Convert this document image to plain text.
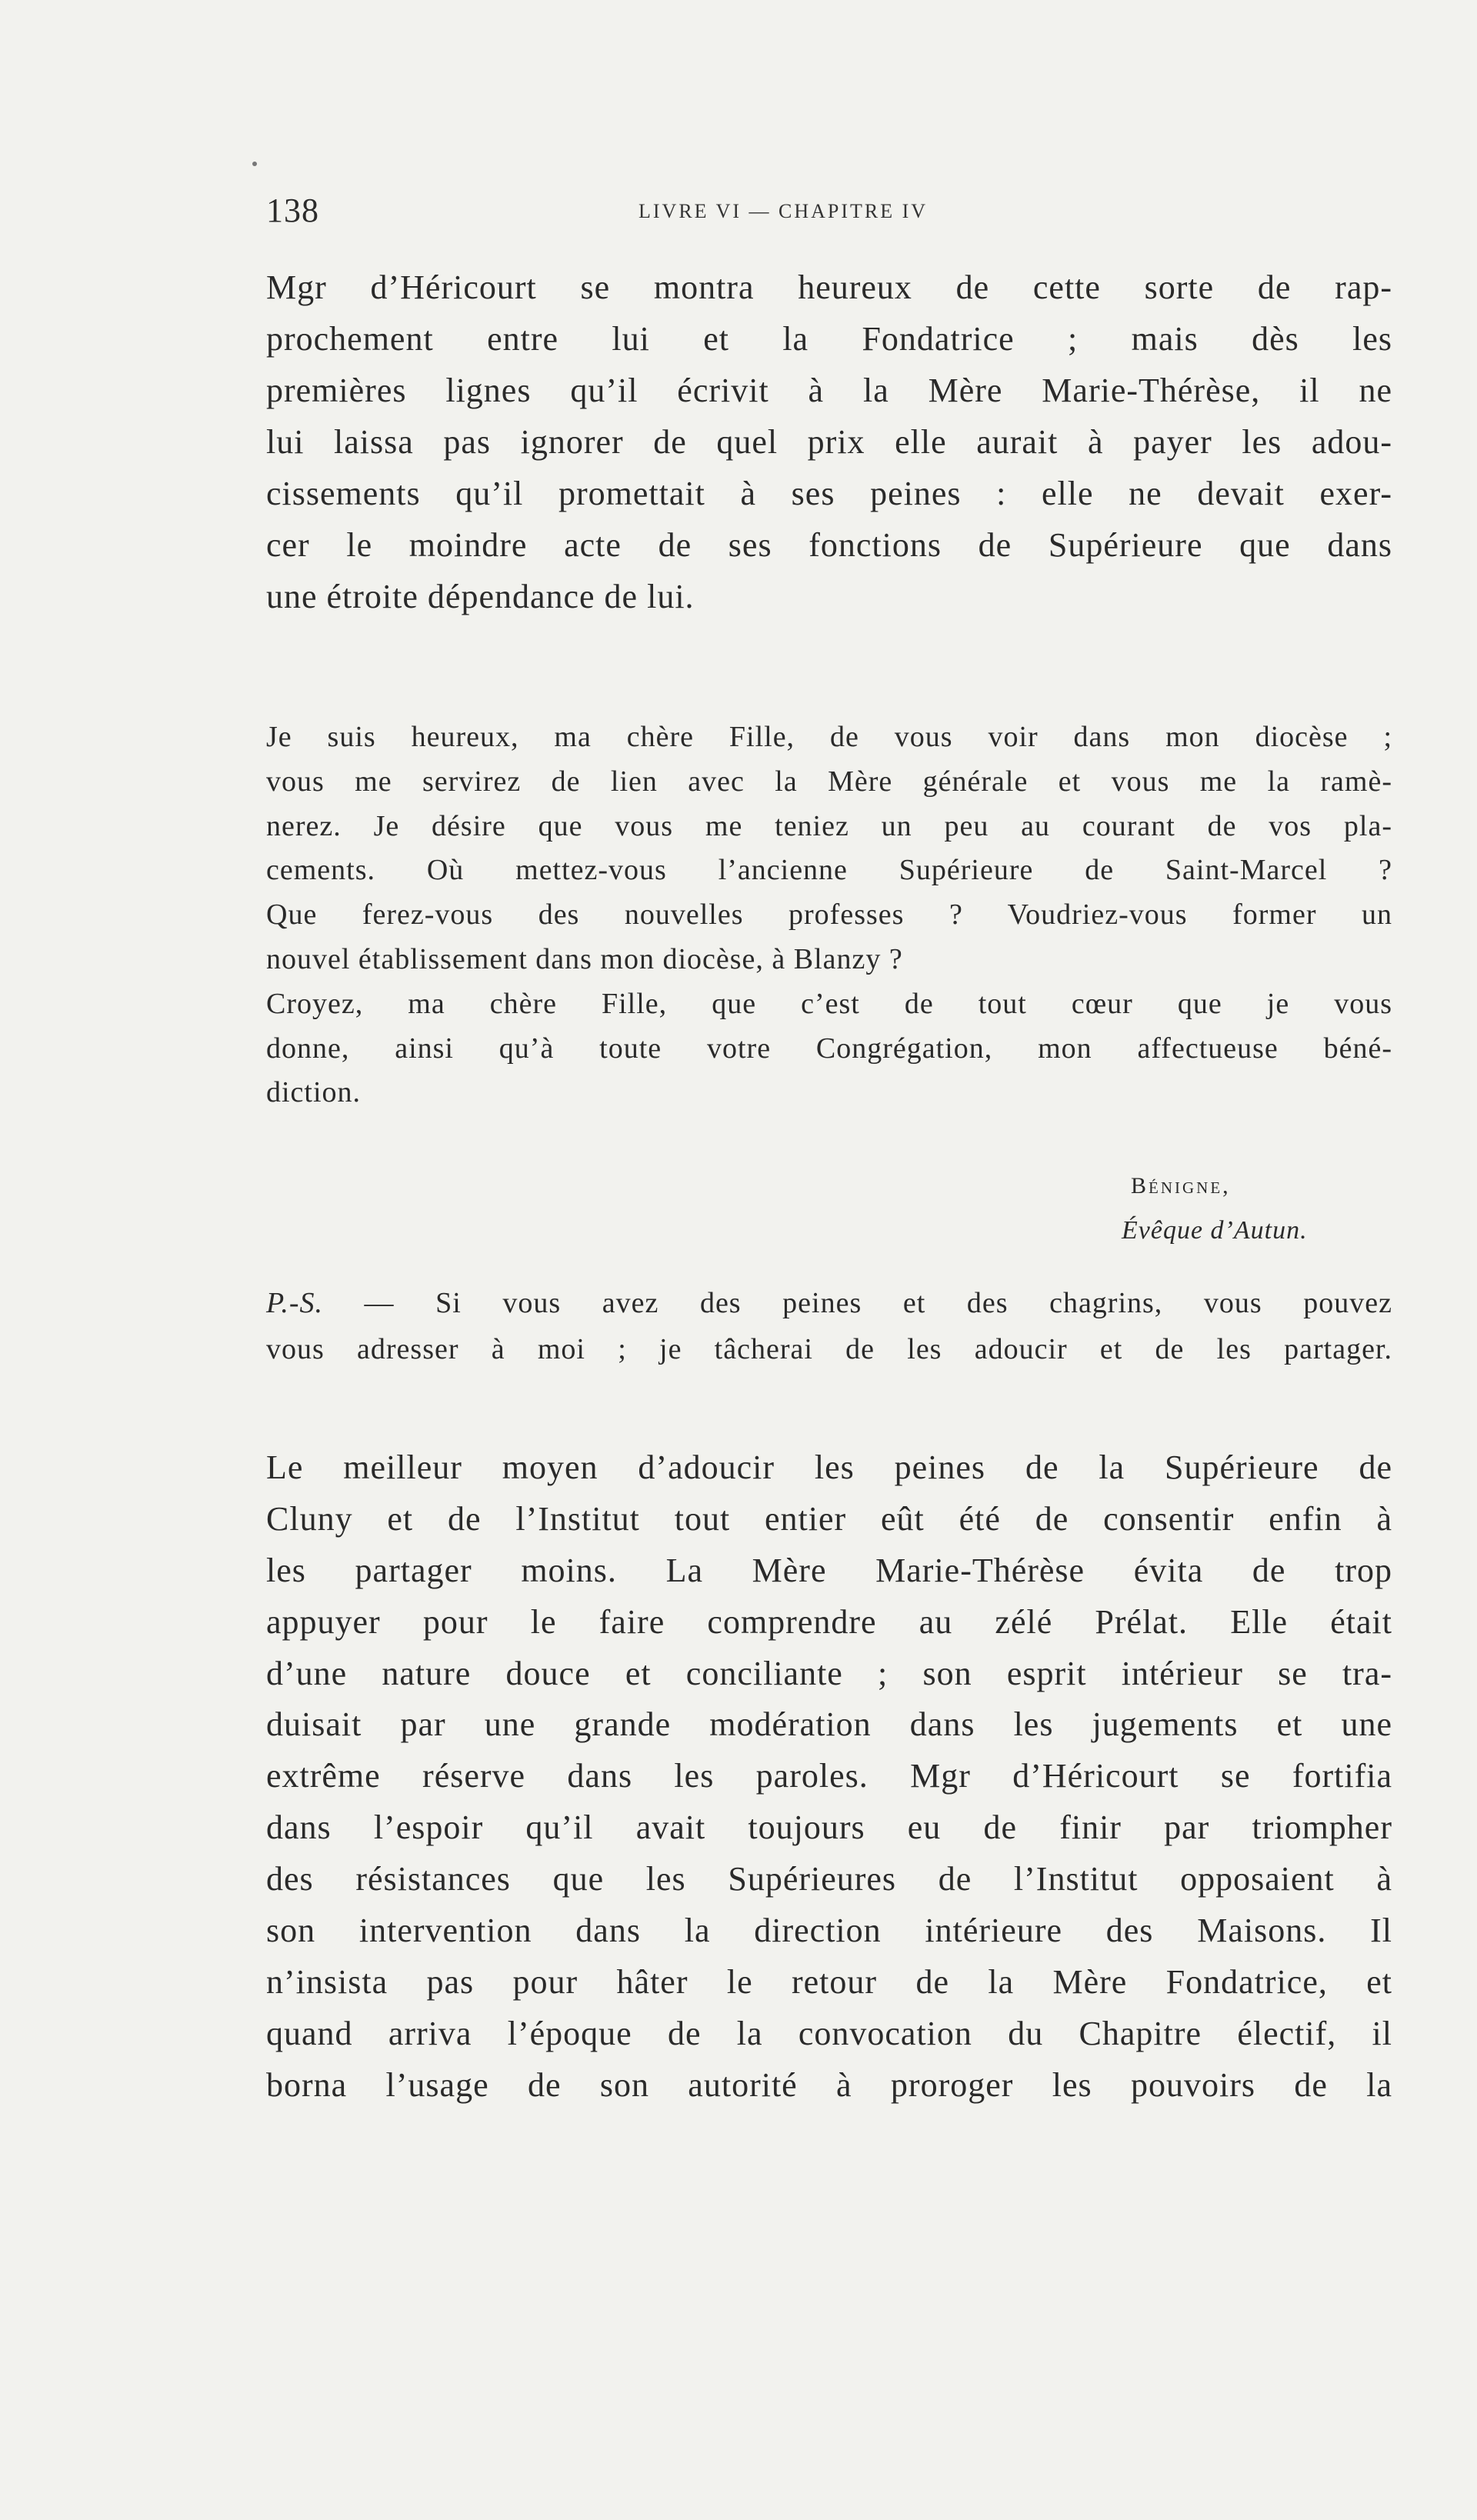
138	LIVRE VI — CHAPITRE IV
Mgr d’Héricourt se montra heureux de cette sorte de rap-
prochement entre lui et la Fondatrice ; mais dès les
premières lignes qu’il écrivit à la Mère Marie-Thérèse, il ne
lui laissa pas ignorer de quel prix elle aurait à payer les adou-
cissements qu’il promettait à ses peines : elle ne devait exer-
cer le moindre acte de ses fonctions de Supérieure que dans
une étroite dépendance de lui.
Je suis heureux, ma chère Fille, de vous voir dans mon diocèse ;
vous me servirez de lien avec la Mère générale et vous me la ramè-
nerez. Je désire que vous me teniez un peu au courant de vos pla-
cements. Où mettez-vous l’ancienne Supérieure de Saint-Marcel ?
Que ferez-vous des nouvelles professes ? Voudriez-vous former un
nouvel établissement dans mon diocèse, à Blanzy ?
Croyez, ma chère Fille, que c’est de tout cœur que je vous
donne, ainsi qu’à toute votre Congrégation, mon affectueuse béné-
diction.
Bénigne,
Évêque d’Autun.
P.-S. — Si vous avez des peines et des chagrins, vous pouvez
vous adresser à moi ; je tâcherai de les adoucir et de les partager.
Le meilleur moyen d’adoucir les peines de la Supérieure de
Cluny et de l’Institut tout entier eût été de consentir enfin à
les partager moins. La Mère Marie-Thérèse évita de trop
appuyer pour le faire comprendre au zélé Prélat. Elle était
d’une nature douce et conciliante ; son esprit intérieur se tra-
duisait par une grande modération dans les jugements et une
extrême réserve dans les paroles. Mgr d’Héricourt se fortifia
dans l’espoir qu’il avait toujours eu de finir par triompher
des résistances que les Supérieures de l’Institut opposaient à
son intervention dans la direction intérieure des Maisons. Il
n’insista pas pour hâter le retour de la Mère Fondatrice, et
quand arriva l’époque de la convocation du Chapitre électif, il
borna l’usage de son autorité à proroger les pouvoirs de la
